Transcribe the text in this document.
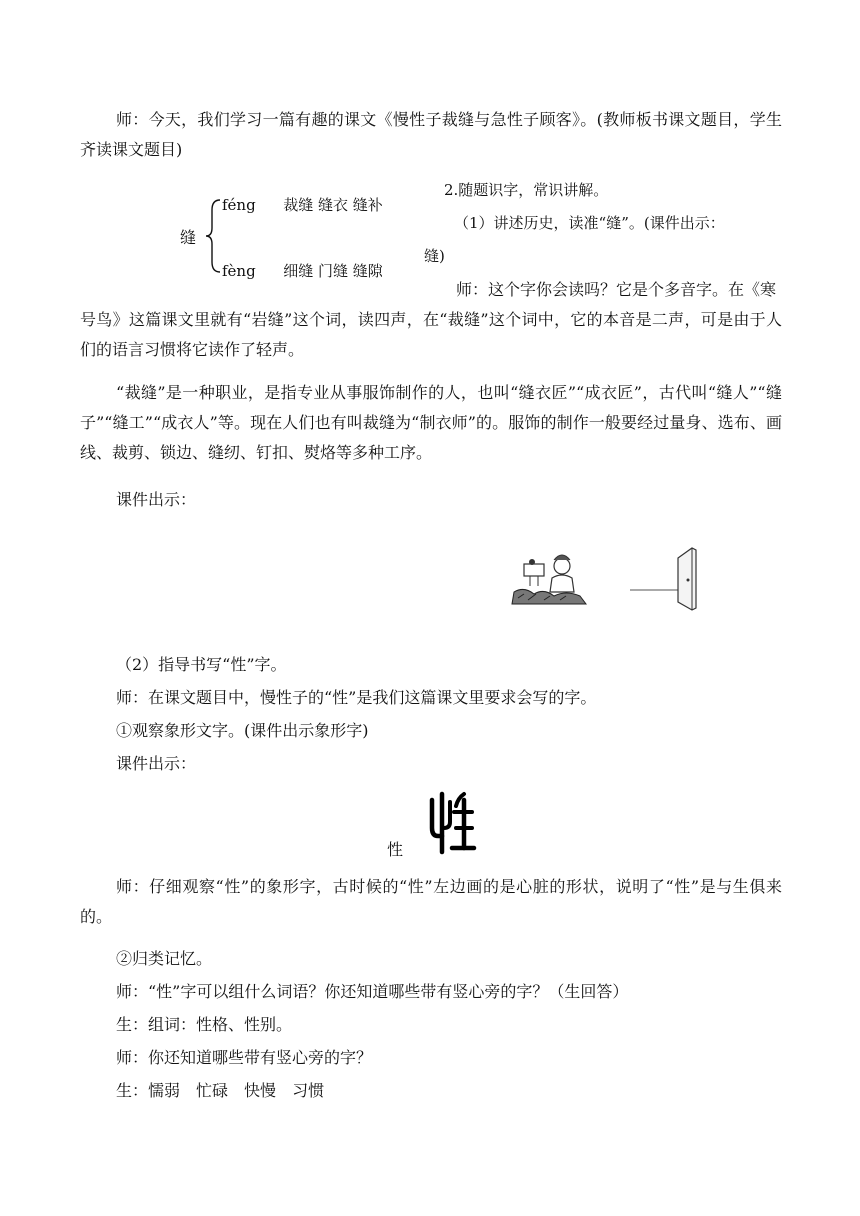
师：今天，我们学习一篇有趣的课文《慢性子裁缝与急性子顾客》。(教师板书课文题目，学生齐读课文题目)

缝
féng 裁缝 缝衣 缝补
fèng 细缝 门缝 缝隙
2.随题识字，常识讲解。
（1）讲述历史，读准“缝”。(课件出示：
缝)
师：这个字你会读吗？它是个多音字。在《寒

号鸟》这篇课文里就有“岩缝”这个词，读四声，在“裁缝”这个词中，它的本音是二声，可是由于人们的语言习惯将它读作了轻声。

“裁缝”是一种职业，是指专业从事服饰制作的人，也叫“缝衣匠”“成衣匠”，古代叫“缝人”“缝子”“缝工”“成衣人”等。现在人们也有叫裁缝为“制衣师”的。服饰的制作一般要经过量身、选布、画线、裁剪、锁边、缝纫、钉扣、熨烙等多种工序。

课件出示：
（2）指导书写“性”字。
师：在课文题目中，慢性子的“性”是我们这篇课文里要求会写的字。
①观察象形文字。(课件出示象形字)
课件出示：
性

师：仔细观察“性”的象形字，古时候的“性”左边画的是心脏的形状，说明了“性”是与生俱来的。

②归类记忆。
师：“性”字可以组什么词语？你还知道哪些带有竖心旁的字？（生回答）
生：组词：性格、性别。
师：你还知道哪些带有竖心旁的字？
生：懦弱 忙碌 快慢 习惯
